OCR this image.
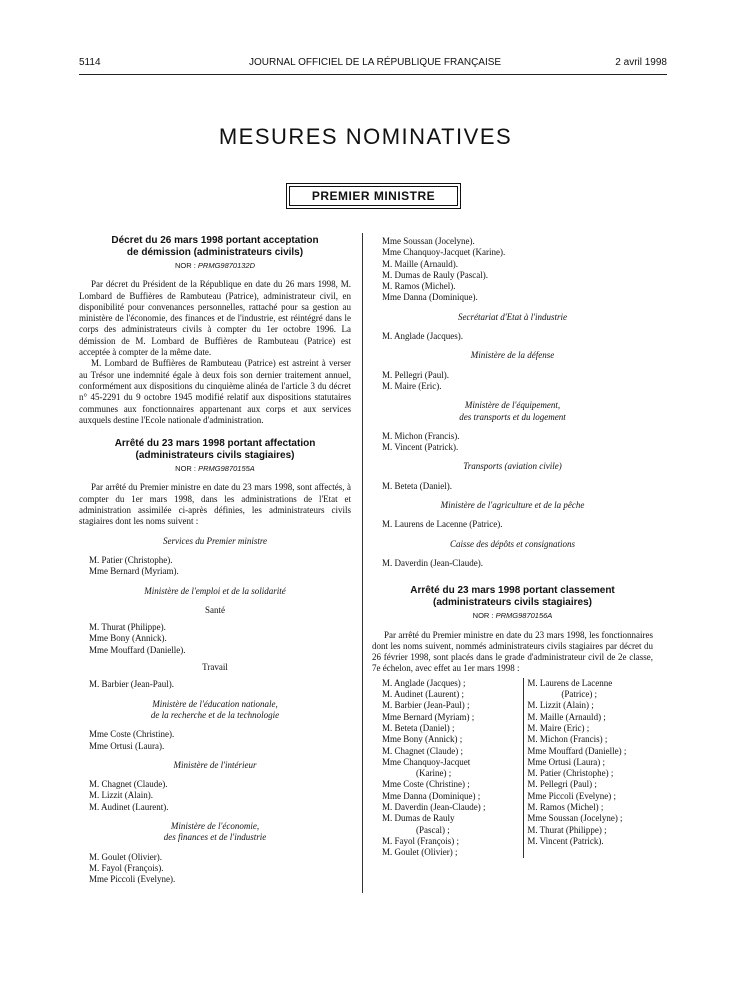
5114	JOURNAL OFFICIEL DE LA RÉPUBLIQUE FRANÇAISE	2 avril 1998
MESURES NOMINATIVES
PREMIER MINISTRE
Décret du 26 mars 1998 portant acceptation
de démission (administrateurs civils)
NOR : PRMG9870132D

Par décret du Président de la République en date du 26 mars 1998, M. Lombard de Buffières de Rambuteau (Patrice), administrateur civil, en disponibilité pour convenances personnelles, rattaché pour sa gestion au ministère de l'économie, des finances et de l'industrie, est réintégré dans le corps des administrateurs civils à compter du 1er octobre 1996. La démission de M. Lombard de Buffières de Rambuteau (Patrice) est acceptée à compter de la même date.

M. Lombard de Buffières de Rambuteau (Patrice) est astreint à verser au Trésor une indemnité égale à deux fois son dernier traitement annuel, conformément aux dispositions du cinquième alinéa de l'article 3 du décret n° 45-2291 du 9 octobre 1945 modifié relatif aux dispositions statutaires communes aux fonctionnaires appartenant aux corps et aux services auxquels destine l'Ecole nationale d'administration.

Arrêté du 23 mars 1998 portant affectation
(administrateurs civils stagiaires)
NOR : PRMG9870155A

Par arrêté du Premier ministre en date du 23 mars 1998, sont affectés, à compter du 1er mars 1998, dans les administrations de l'Etat et administration assimilée ci-après définies, les administrateurs civils stagiaires dont les noms suivent :

Services du Premier ministre
M. Patier (Christophe).
Mme Bernard (Myriam).
Ministère de l'emploi et de la solidarité
Santé
M. Thurat (Philippe).
Mme Bony (Annick).
Mme Mouffard (Danielle).
Travail
M. Barbier (Jean-Paul).
Ministère de l'éducation nationale,
de la recherche et de la technologie
Mme Coste (Christine).
Mme Ortusi (Laura).
Ministère de l'intérieur
M. Chagnet (Claude).
M. Lizzit (Alain).
M. Audinet (Laurent).
Ministère de l'économie,
des finances et de l'industrie
M. Goulet (Olivier).
M. Fayol (François).
Mme Piccoli (Evelyne).
Mme Soussan (Jocelyne).
Mme Chanquoy-Jacquet (Karine).
M. Maille (Arnauld).
M. Dumas de Rauly (Pascal).
M. Ramos (Michel).
Mme Danna (Dominique).
Secrétariat d'Etat à l'industrie
M. Anglade (Jacques).
Ministère de la défense
M. Pellegri (Paul).
M. Maire (Eric).
Ministère de l'équipement,
des transports et du logement
M. Michon (Francis).
M. Vincent (Patrick).
Transports (aviation civile)
M. Beteta (Daniel).
Ministère de l'agriculture et de la pêche
M. Laurens de Lacenne (Patrice).
Caisse des dépôts et consignations
M. Daverdin (Jean-Claude).
Arrêté du 23 mars 1998 portant classement
(administrateurs civils stagiaires)
NOR : PRMG9870156A

Par arrêté du Premier ministre en date du 23 mars 1998, les fonctionnaires dont les noms suivent, nommés administrateurs civils stagiaires par décret du 26 février 1998, sont placés dans le grade d'administrateur civil de 2e classe, 7e échelon, avec effet au 1er mars 1998 :

M. Anglade (Jacques) ;
M. Audinet (Laurent) ;
M. Barbier (Jean-Paul) ;
Mme Bernard (Myriam) ;
M. Beteta (Daniel) ;
Mme Bony (Annick) ;
M. Chagnet (Claude) ;
Mme Chanquoy-Jacquet
(Karine) ;
Mme Coste (Christine) ;
Mme Danna (Dominique) ;
M. Daverdin (Jean-Claude) ;
M. Dumas de Rauly
(Pascal) ;
M. Fayol (François) ;
M. Goulet (Olivier) ;
M. Laurens de Lacenne
(Patrice) ;
M. Lizzit (Alain) ;
M. Maille (Arnauld) ;
M. Maire (Eric) ;
M. Michon (Francis) ;
Mme Mouffard (Danielle) ;
Mme Ortusi (Laura) ;
M. Patier (Christophe) ;
M. Pellegri (Paul) ;
Mme Piccoli (Evelyne) ;
M. Ramos (Michel) ;
Mme Soussan (Jocelyne) ;
M. Thurat (Philippe) ;
M. Vincent (Patrick).
